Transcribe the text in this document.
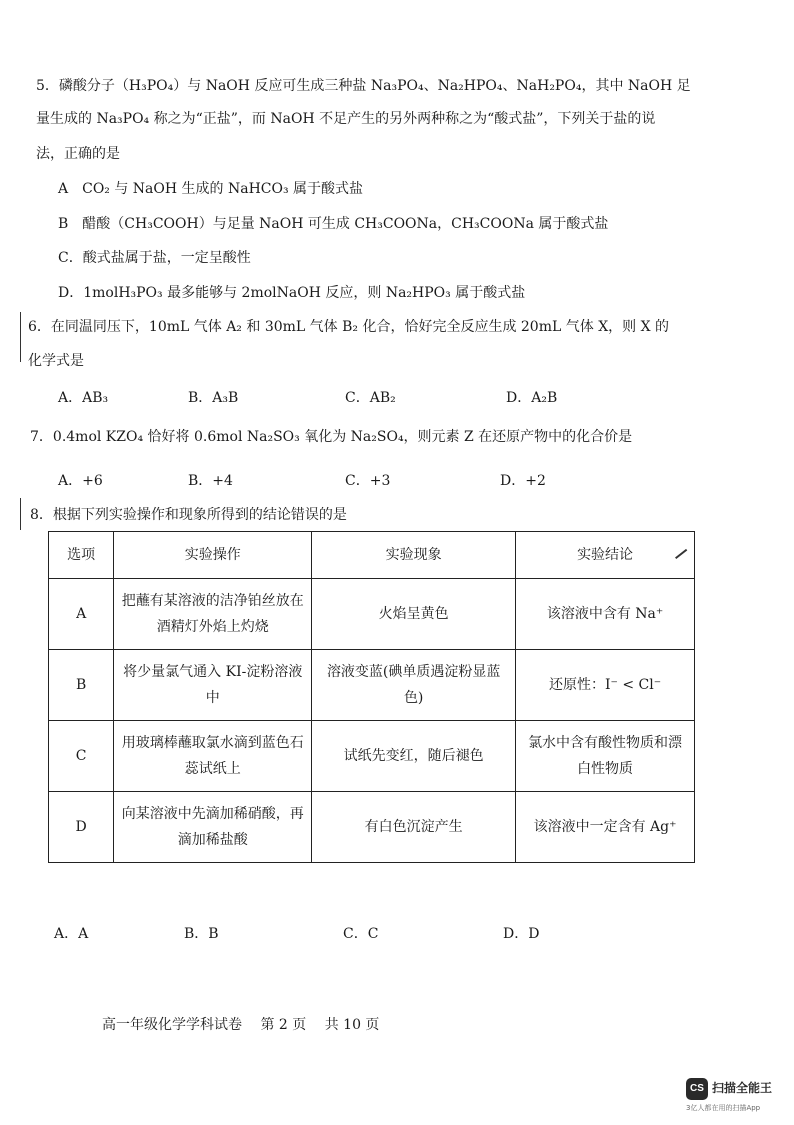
5．磷酸分子（H₃PO₄）与 NaOH 反应可生成三种盐 Na₃PO₄、Na₂HPO₄、NaH₂PO₄，其中 NaOH 足
量生成的 Na₃PO₄ 称之为“正盐”，而 NaOH 不足产生的另外两种称之为“酸式盐”，下列关于盐的说
法，正确的是
A　CO₂ 与 NaOH 生成的 NaHCO₃ 属于酸式盐
B　醋酸（CH₃COOH）与足量 NaOH 可生成 CH₃COONa，CH₃COONa 属于酸式盐
C．酸式盐属于盐，一定呈酸性
D．1molH₃PO₃ 最多能够与 2molNaOH 反应，则 Na₂HPO₃ 属于酸式盐
6．在同温同压下，10mL 气体 A₂ 和 30mL 气体 B₂ 化合，恰好完全反应生成 20mL 气体 X，则 X 的
化学式是
A．AB₃	B．A₃B	C．AB₂	D．A₂B
7．0.4mol KZO₄ 恰好将 0.6mol Na₂SO₃ 氧化为 Na₂SO₄，则元素 Z 在还原产物中的化合价是
A．+6	B．+4	C．+3	D．+2
8．根据下列实验操作和现象所得到的结论错误的是
选项	实验操作	实验现象	实验结论
A	把蘸有某溶液的洁净铂丝放在酒精灯外焰上灼烧	火焰呈黄色	该溶液中含有 Na⁺
B	将少量氯气通入 KI-淀粉溶液中	溶液变蓝(碘单质遇淀粉显蓝色)	还原性：I⁻ < Cl⁻
C	用玻璃棒蘸取氯水滴到蓝色石蕊试纸上	试纸先变红，随后褪色	氯水中含有酸性物质和漂白性物质
D	向某溶液中先滴加稀硝酸，再滴加稀盐酸	有白色沉淀产生	该溶液中一定含有 Ag⁺
A．A	B．B	C．C	D．D
高一年级化学学科试卷 第 2 页 共 10 页
CS 扫描全能王
3亿人都在用的扫描App
